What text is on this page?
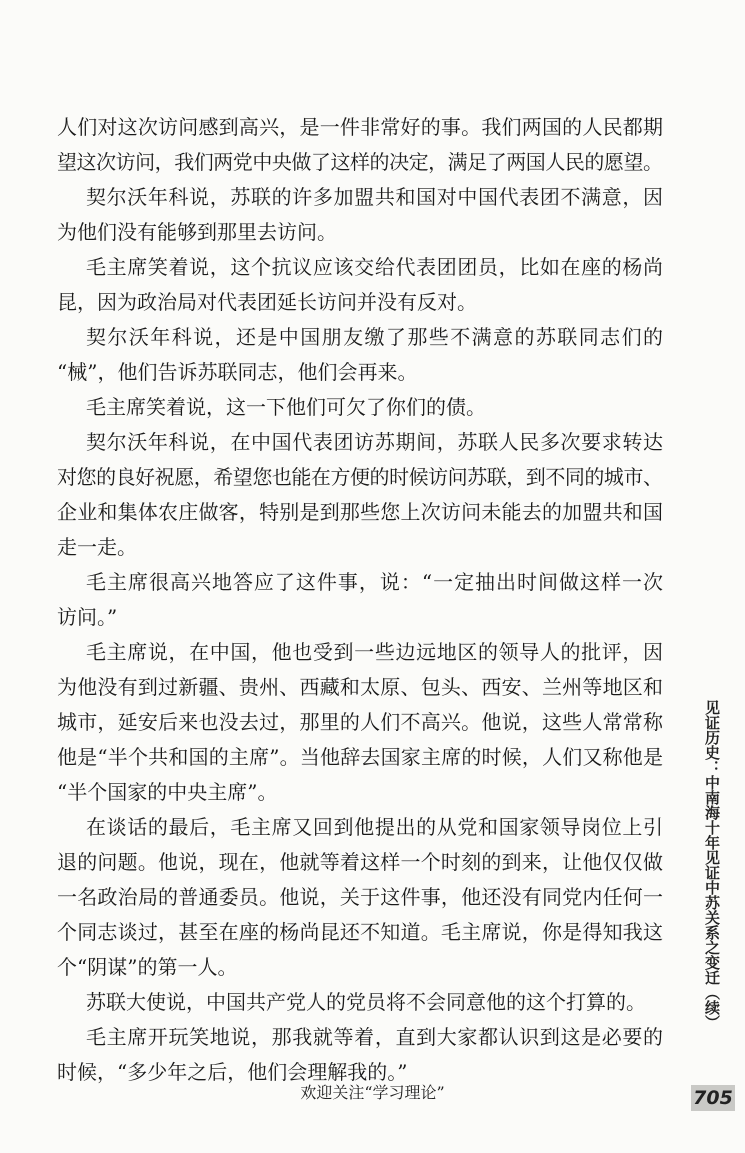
人们对这次访问感到高兴，是一件非常好的事。我们两国的人民都期
望这次访问，我们两党中央做了这样的决定，满足了两国人民的愿望。
契尔沃年科说，苏联的许多加盟共和国对中国代表团不满意，因
为他们没有能够到那里去访问。
毛主席笑着说，这个抗议应该交给代表团团员，比如在座的杨尚
昆，因为政治局对代表团延长访问并没有反对。
契尔沃年科说，还是中国朋友缴了那些不满意的苏联同志们的
“械”，他们告诉苏联同志，他们会再来。
毛主席笑着说，这一下他们可欠了你们的债。
契尔沃年科说，在中国代表团访苏期间，苏联人民多次要求转达
对您的良好祝愿，希望您也能在方便的时候访问苏联，到不同的城市、
企业和集体农庄做客，特别是到那些您上次访问未能去的加盟共和国
走一走。
毛主席很高兴地答应了这件事，说：“一定抽出时间做这样一次
访问。”
毛主席说，在中国，他也受到一些边远地区的领导人的批评，因
为他没有到过新疆、贵州、西藏和太原、包头、西安、兰州等地区和
城市，延安后来也没去过，那里的人们不高兴。他说，这些人常常称
他是“半个共和国的主席”。当他辞去国家主席的时候，人们又称他是
“半个国家的中央主席”。
在谈话的最后，毛主席又回到他提出的从党和国家领导岗位上引
退的问题。他说，现在，他就等着这样一个时刻的到来，让他仅仅做
一名政治局的普通委员。他说，关于这件事，他还没有同党内任何一
个同志谈过，甚至在座的杨尚昆还不知道。毛主席说，你是得知我这
个“阴谋”的第一人。
苏联大使说，中国共产党人的党员将不会同意他的这个打算的。
毛主席开玩笑地说，那我就等着，直到大家都认识到这是必要的
时候，“多少年之后，他们会理解我的。”
见证历史：中南海十年见证中苏关系之变迁（续）
705
欢迎关注“学习理论”
